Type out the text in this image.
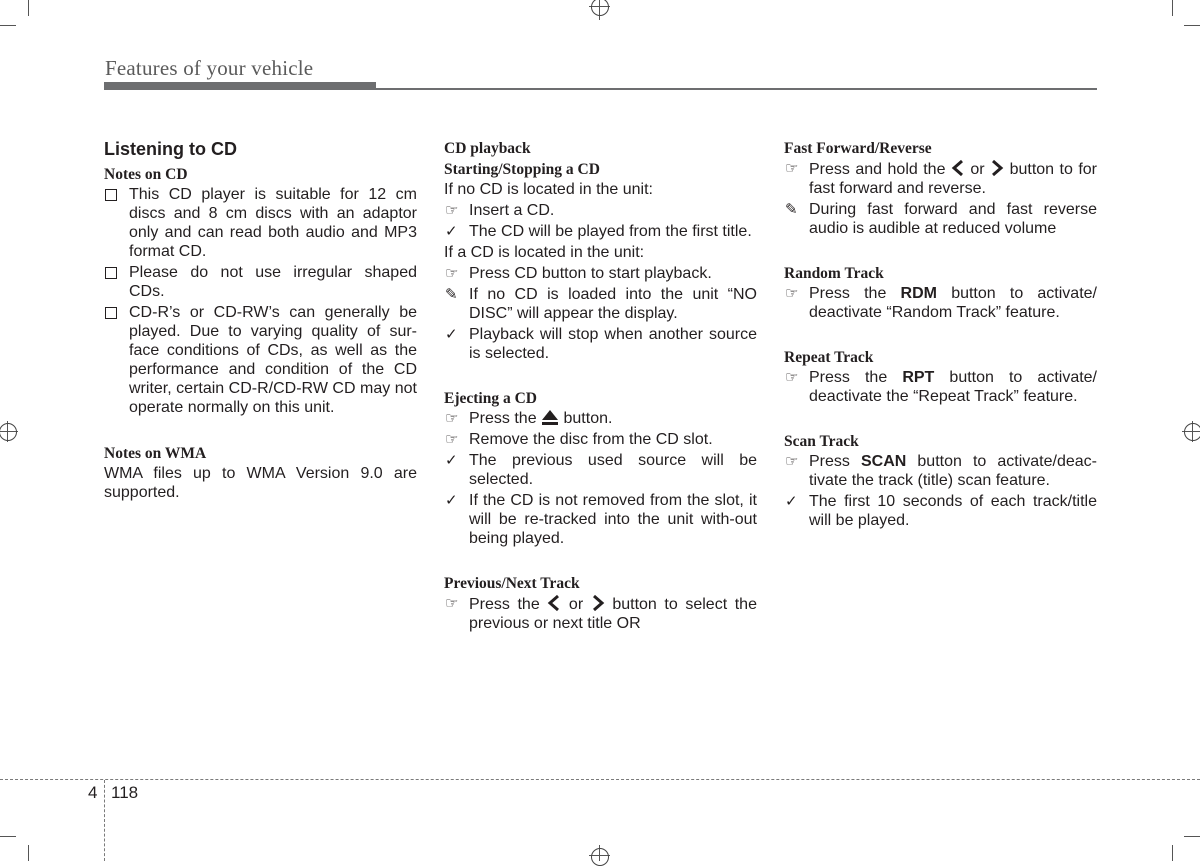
Features of your vehicle
Listening to CD
Notes on CD

This CD player is suitable for 12 cm discs and 8 cm discs with an adaptor only and can read both audio and MP3 format CD.

Please do not use irregular shaped CDs.

CD-R’s or CD-RW’s can generally be played. Due to varying quality of sur-face conditions of CDs, as well as the performance and condition of the CD writer, certain CD-R/CD-RW CD may not operate normally on this unit.

Notes on WMA

WMA files up to WMA Version 9.0 are supported.

CD playback
Starting/Stopping a CD

If no CD is located in the unit:

☞ Insert a CD.

✓ The CD will be played from the first title.

If a CD is located in the unit:

☞ Press CD button to start playback.

✎ If no CD is loaded into the unit “NO DISC” will appear the display.

✓ Playback will stop when another source is selected.

Ejecting a CD

☞ Press the button.

☞ Remove the disc from the CD slot.

✓ The previous used source will be selected.

✓ If the CD is not removed from the slot, it will be re-tracked into the unit with-out being played.

Previous/Next Track

☞ Press the or button to select the previous or next title OR

Fast Forward/Reverse

☞ Press and hold the or button to for fast forward and reverse.

✎ During fast forward and fast reverse audio is audible at reduced volume

Random Track

☞ Press the RDM button to activate/ deactivate “Random Track” feature.

Repeat Track

☞ Press the RPT button to activate/ deactivate the “Repeat Track” feature.

Scan Track

☞ Press SCAN button to activate/deac-tivate the track (title) scan feature.

✓ The first 10 seconds of each track/title will be played.

4 118
